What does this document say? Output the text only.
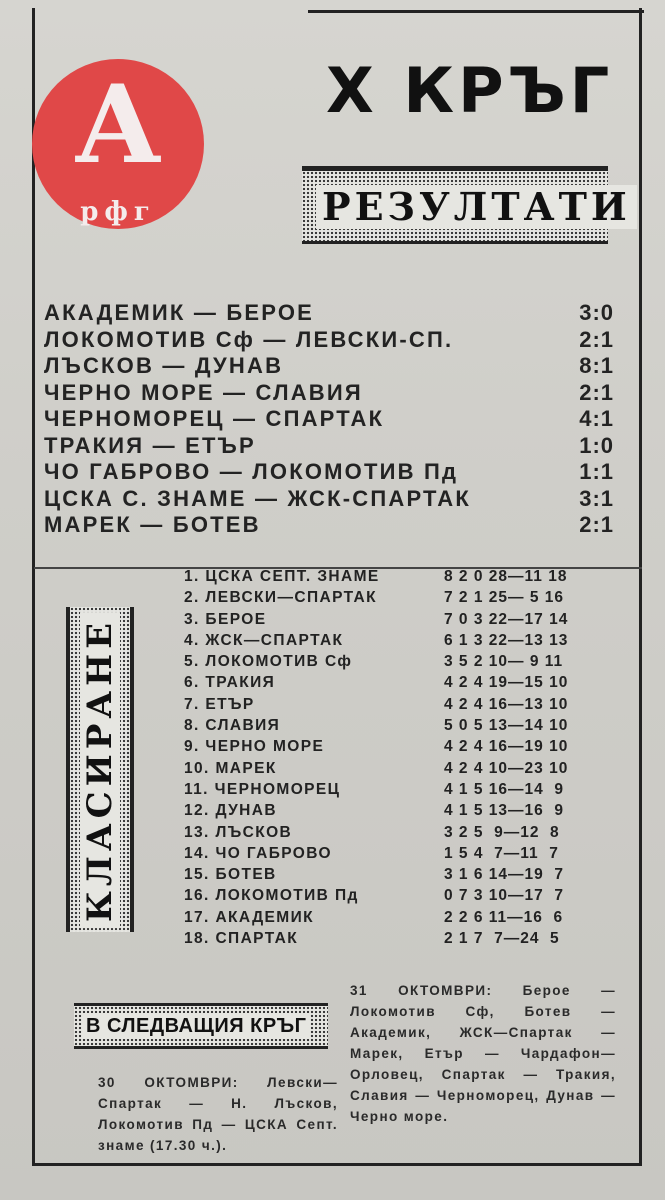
А
рфг
X КРЪГ
РЕЗУЛТАТИ
АКАДЕМИК — БЕРОЕ	3:0
ЛОКОМОТИВ Сф — ЛЕВСКИ-СП.	2:1
ЛЪСКОВ — ДУНАВ	8:1
ЧЕРНО МОРЕ — СЛАВИЯ	2:1
ЧЕРНОМОРЕЦ — СПАРТАК	4:1
ТРАКИЯ — ЕТЪР	1:0
ЧО ГАБРОВО — ЛОКОМОТИВ Пд	1:1
ЦСКА С. ЗНАМЕ — ЖСК-СПАРТАК	3:1
МАРЕК — БОТЕВ	2:1
КЛАСИРАНЕ
1. ЦСКА СЕПТ. ЗНАМЕ	8 2 0 28—11 18
2. ЛЕВСКИ—СПАРТАК	7 2 1 25— 5 16
3. БЕРОЕ	7 0 3 22—17 14
4. ЖСК—СПАРТАК	6 1 3 22—13 13
5. ЛОКОМОТИВ Сф	3 5 2 10— 9 11
6. ТРАКИЯ	4 2 4 19—15 10
7. ЕТЪР	4 2 4 16—13 10
8. СЛАВИЯ	5 0 5 13—14 10
9. ЧЕРНО МОРЕ	4 2 4 16—19 10
10. МАРЕК	4 2 4 10—23 10
11. ЧЕРНОМОРЕЦ	4 1 5 16—14  9
12. ДУНАВ	4 1 5 13—16  9
13. ЛЪСКОВ	3 2 5  9—12  8
14. ЧО ГАБРОВО	1 5 4  7—11  7
15. БОТЕВ	3 1 6 14—19  7
16. ЛОКОМОТИВ Пд	0 7 3 10—17  7
17. АКАДЕМИК	2 2 6 11—16  6
18. СПАРТАК	2 1 7  7—24  5
В СЛЕДВАЩИЯ КРЪГ
31 ОКТОМВРИ: Берое — Локомотив Сф, Ботев — Академик, ЖСК—Спартак — Марек, Етър — Чардафон—Орловец, Спартак — Тракия, Славия — Черноморец, Дунав — Черно море.
30 ОКТОМВРИ: Левски—Спартак — Н. Лъсков, Локомотив Пд — ЦСКА Септ. знаме (17.30 ч.).
